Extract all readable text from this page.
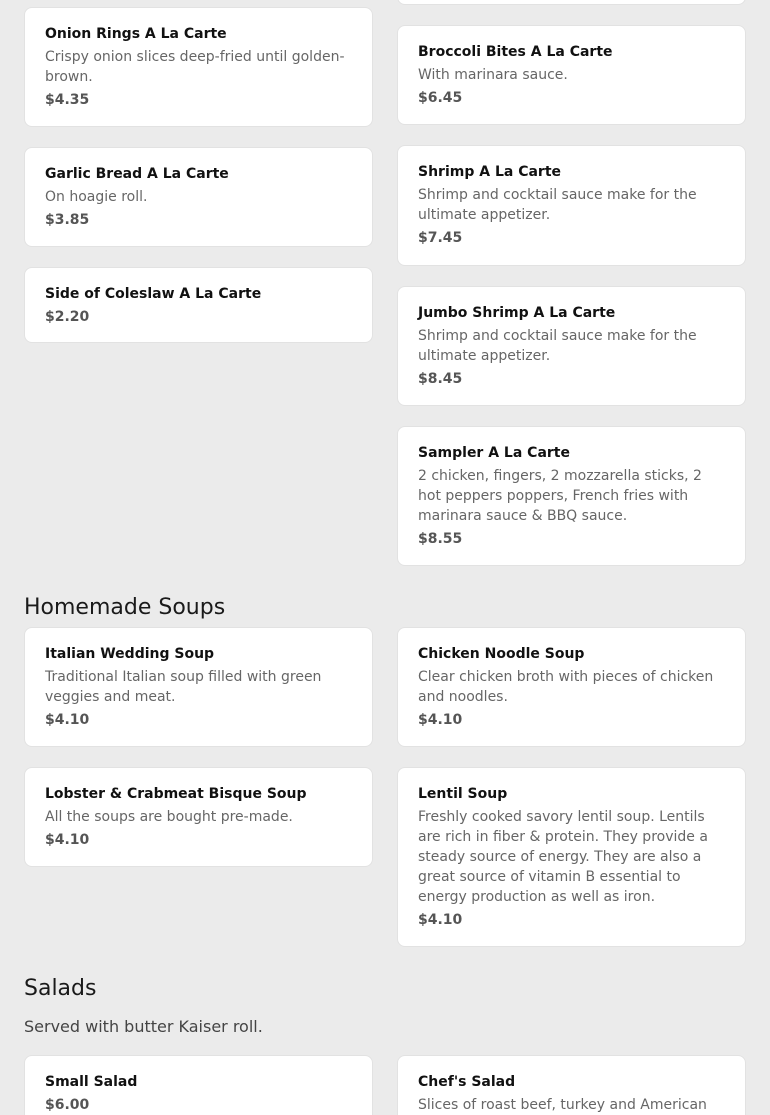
Onion Rings A La Carte

Crispy onion slices deep-fried until golden-brown.

$4.35

Broccoli Bites A La Carte

With marinara sauce.

$6.45

Garlic Bread A La Carte

On hoagie roll.

$3.85

Shrimp A La Carte

Shrimp and cocktail sauce make for the ultimate appetizer.

$7.45

Side of Coleslaw A La Carte

$2.20	Jumbo Shrimp A La Carte

Shrimp and cocktail sauce make for the ultimate appetizer.

$8.45

Sampler A La Carte

2 chicken, fingers, 2 mozzarella sticks, 2 hot peppers poppers, French fries with marinara sauce & BBQ sauce.

$8.55

Homemade Soups

Italian Wedding Soup

Traditional Italian soup filled with green veggies and meat.

$4.10

Chicken Noodle Soup

Clear chicken broth with pieces of chicken and noodles.

$4.10

Lobster & Crabmeat Bisque Soup

All the soups are bought pre-made.

$4.10

Lentil Soup

Freshly cooked savory lentil soup. Lentils are rich in fiber & protein. They provide a steady source of energy. They are also a great source of vitamin B essential to energy production as well as iron.

$4.10

Salads

Served with butter Kaiser roll.

Small Salad

$6.00

Chef's Salad

Slices of roast beef, turkey and American
